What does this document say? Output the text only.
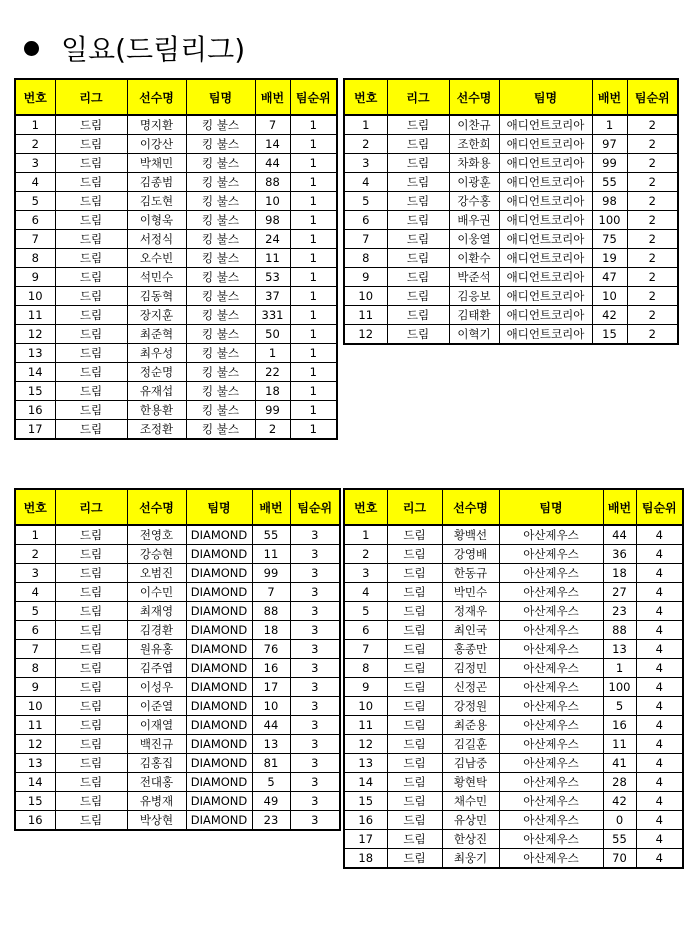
일요(드림리그)
번호	리그	선수명	팀명	배번	팀순위
1	드림	명지환	킹 불스	7	1
2	드림	이강산	킹 불스	14	1
3	드림	박채민	킹 불스	44	1
4	드림	김종범	킹 불스	88	1
5	드림	김도현	킹 불스	10	1
6	드림	이형욱	킹 불스	98	1
7	드림	서정식	킹 불스	24	1
8	드림	오수빈	킹 불스	11	1
9	드림	석민수	킹 불스	53	1
10	드림	김동혁	킹 불스	37	1
11	드림	장지훈	킹 불스	331	1
12	드림	최준혁	킹 불스	50	1
13	드림	최우성	킹 불스	1	1
14	드림	정순명	킹 불스	22	1
15	드림	유재섭	킹 불스	18	1
16	드림	한용환	킹 불스	99	1
17	드림	조정환	킹 불스	2	1
번호	리그	선수명	팀명	배번	팀순위
1	드림	이찬규	애디언트코리아	1	2
2	드림	조한희	애디언트코리아	97	2
3	드림	차화용	애디언트코리아	99	2
4	드림	이광훈	애디언트코리아	55	2
5	드림	강수홍	애디언트코리아	98	2
6	드림	배우권	애디언트코리아	100	2
7	드림	이웅열	애디언트코리아	75	2
8	드림	이환수	애디언트코리아	19	2
9	드림	박준석	애디언트코리아	47	2
10	드림	김응보	애디언트코리아	10	2
11	드림	김태환	애디언트코리아	42	2
12	드림	이혁기	애디언트코리아	15	2
번호	리그	선수명	팀명	배번	팀순위
1	드림	전영호	DIAMOND	55	3
2	드림	강승현	DIAMOND	11	3
3	드림	오범진	DIAMOND	99	3
4	드림	이수민	DIAMOND	7	3
5	드림	최재영	DIAMOND	88	3
6	드림	김경환	DIAMOND	18	3
7	드림	원유홍	DIAMOND	76	3
8	드림	김주엽	DIAMOND	16	3
9	드림	이성우	DIAMOND	17	3
10	드림	이준열	DIAMOND	10	3
11	드림	이재열	DIAMOND	44	3
12	드림	백진규	DIAMOND	13	3
13	드림	김홍집	DIAMOND	81	3
14	드림	전대홍	DIAMOND	5	3
15	드림	유병재	DIAMOND	49	3
16	드림	박상현	DIAMOND	23	3
번호	리그	선수명	팀명	배번	팀순위
1	드림	황백선	아산제우스	44	4
2	드림	강영배	아산제우스	36	4
3	드림	한동규	아산제우스	18	4
4	드림	박민수	아산제우스	27	4
5	드림	정재우	아산제우스	23	4
6	드림	최인국	아산제우스	88	4
7	드림	홍종만	아산제우스	13	4
8	드림	김정민	아산제우스	1	4
9	드림	신정곤	아산제우스	100	4
10	드림	강정원	아산제우스	5	4
11	드림	최준용	아산제우스	16	4
12	드림	김길훈	아산제우스	11	4
13	드림	김남중	아산제우스	41	4
14	드림	황현탁	아산제우스	28	4
15	드림	채수민	아산제우스	42	4
16	드림	유상민	아산제우스	0	4
17	드림	한상진	아산제우스	55	4
18	드림	최웅기	아산제우스	70	4
